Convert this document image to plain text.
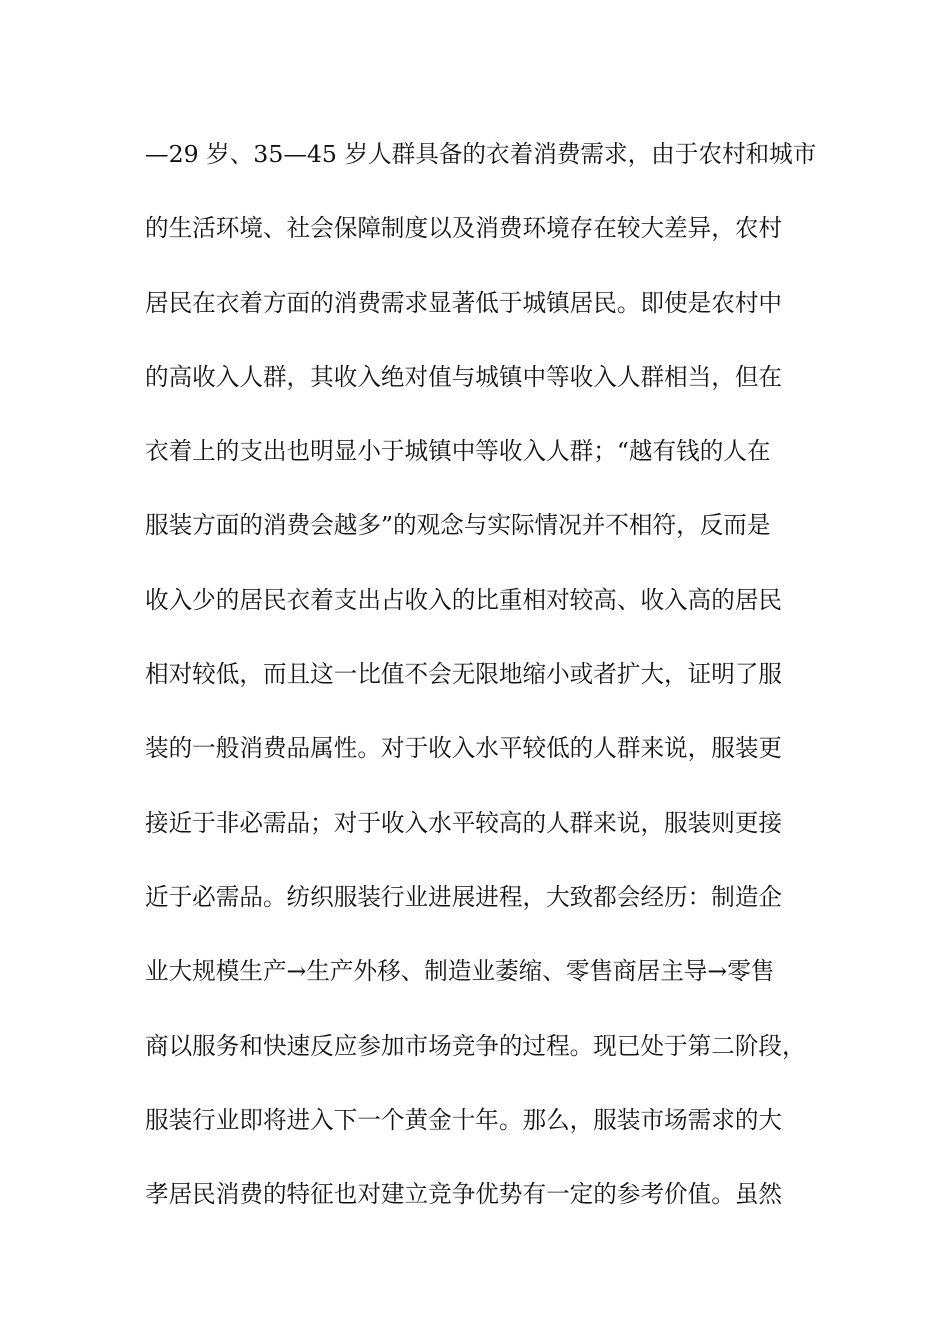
—29 岁、35—45 岁人群具备的衣着消费需求，由于农村和城市
的生活环境、社会保障制度以及消费环境存在较大差异，农村
居民在衣着方面的消费需求显著低于城镇居民。即使是农村中
的高收入人群，其收入绝对值与城镇中等收入人群相当，但在
衣着上的支出也明显小于城镇中等收入人群；“越有钱的人在
服装方面的消费会越多”的观念与实际情况并不相符，反而是
收入少的居民衣着支出占收入的比重相对较高、收入高的居民
相对较低，而且这一比值不会无限地缩小或者扩大，证明了服
装的一般消费品属性。对于收入水平较低的人群来说，服装更
接近于非必需品；对于收入水平较高的人群来说，服装则更接
近于必需品。纺织服装行业进展进程，大致都会经历：制造企
业大规模生产→生产外移、制造业萎缩、零售商居主导→零售
商以服务和快速反应参加市场竞争的过程。现已处于第二阶段，
服装行业即将进入下一个黄金十年。那么，服装市场需求的大
孝居民消费的特征也对建立竞争优势有一定的参考价值。虽然
